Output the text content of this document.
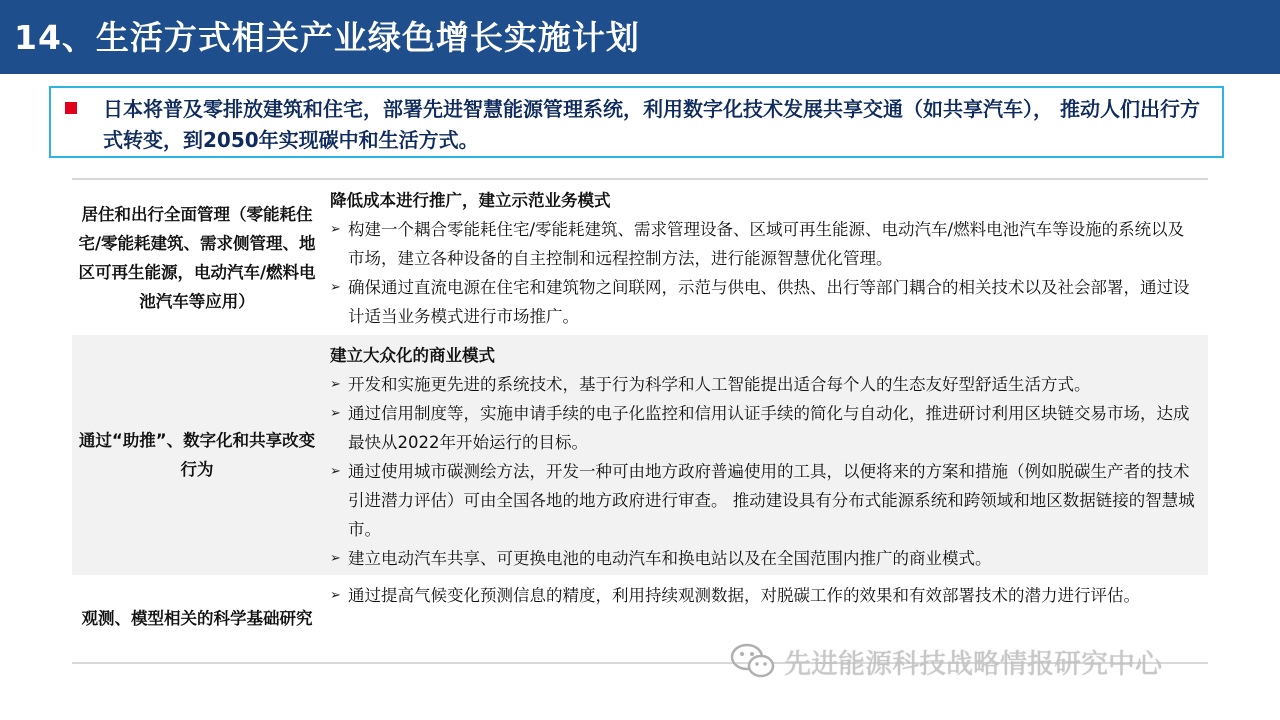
14、生活方式相关产业绿色增长实施计划
日本将普及零排放建筑和住宅，部署先进智慧能源管理系统，利用数字化技术发展共享交通（如共享汽车）， 推动人们出行方式转变，到2050年实现碳中和生活方式。
居住和出行全面管理（零能耗住宅/零能耗建筑、需求侧管理、地区可再生能源，电动汽车/燃料电池汽车等应用）
降低成本进行推广，建立示范业务模式
➢ 构建一个耦合零能耗住宅/零能耗建筑、需求管理设备、区域可再生能源、电动汽车/燃料电池汽车等设施的系统以及市场，建立各种设备的自主控制和远程控制方法，进行能源智慧优化管理。
➢ 确保通过直流电源在住宅和建筑物之间联网，示范与供电、供热、出行等部门耦合的相关技术以及社会部署，通过设计适当业务模式进行市场推广。
通过“助推”、数字化和共享改变行为
建立大众化的商业模式
➢ 开发和实施更先进的系统技术，基于行为科学和人工智能提出适合每个人的生态友好型舒适生活方式。
➢ 通过信用制度等，实施申请手续的电子化监控和信用认证手续的简化与自动化，推进研讨利用区块链交易市场，达成最快从2022年开始运行的目标。
➢ 通过使用城市碳测绘方法，开发一种可由地方政府普遍使用的工具，以便将来的方案和措施（例如脱碳生产者的技术引进潜力评估）可由全国各地的地方政府进行审查。 推动建设具有分布式能源系统和跨领域和地区数据链接的智慧城市。
➢ 建立电动汽车共享、可更换电池的电动汽车和换电站以及在全国范围内推广的商业模式。
观测、模型相关的科学基础研究
➢ 通过提高气候变化预测信息的精度，利用持续观测数据，对脱碳工作的效果和有效部署技术的潜力进行评估。
先进能源科技战略情报研究中心
